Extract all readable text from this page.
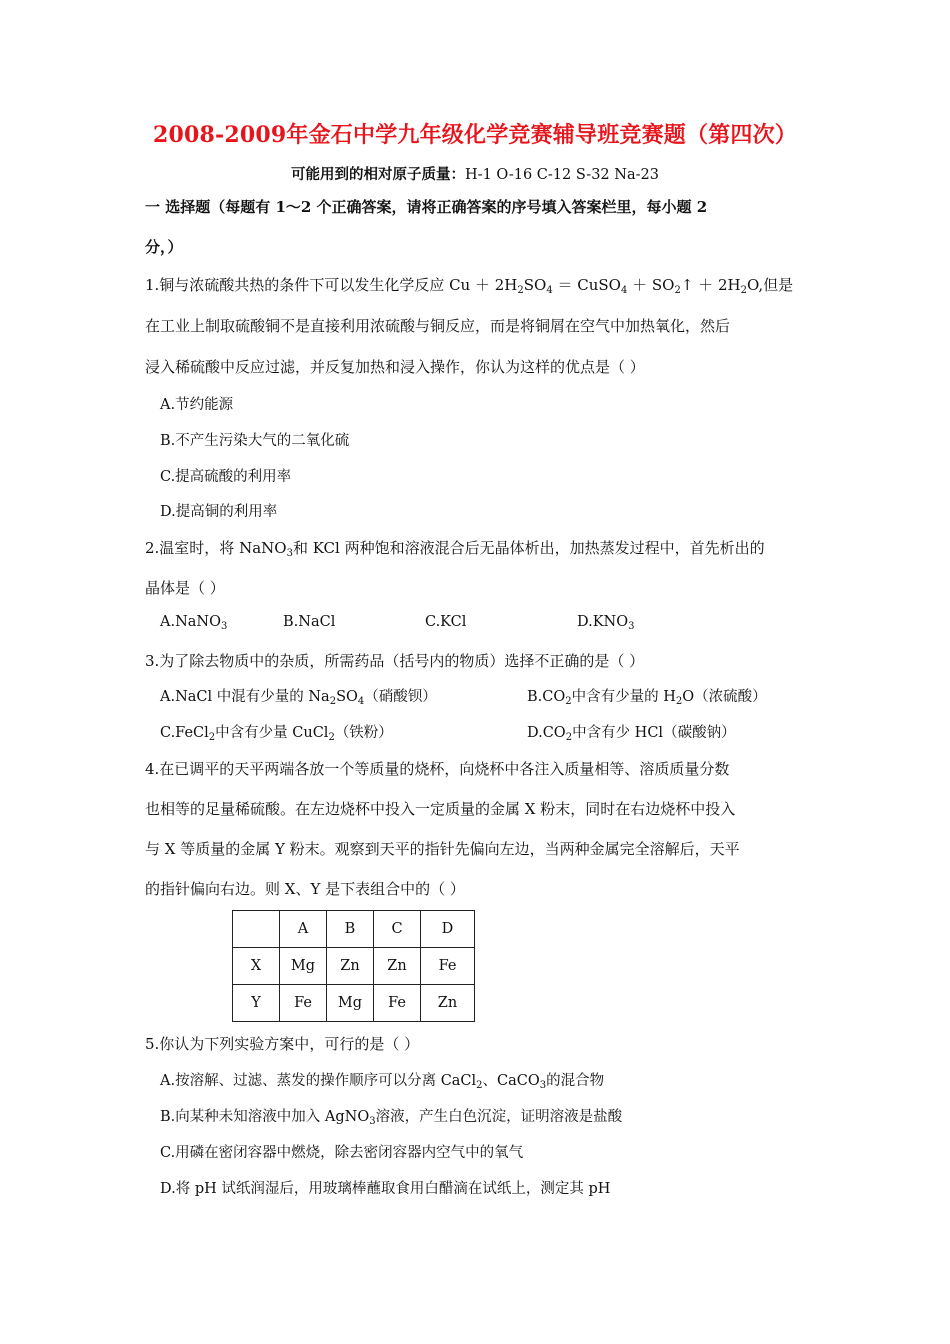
2008-2009年金石中学九年级化学竞赛辅导班竞赛题（第四次）
可能用到的相对原子质量：H-1 O-16 C-12 S-32 Na-23
一 选择题（每题有 1～2 个正确答案，请将正确答案的序号填入答案栏里，每小题 2
分，）
1.铜与浓硫酸共热的条件下可以发生化学反应 $Cu + 2H_2SO_4$ ＝ CuSO$_4$ ＋ $SO_2↑ + 2H_2O$,但是
在工业上制取硫酸铜不是直接利用浓硫酸与铜反应，而是将铜屑在空气中加热氧化，然后
浸入稀硫酸中反应过滤，并反复加热和浸入操作，你认为这样的优点是（ ）
A.节约能源
B.不产生污染大气的二氧化硫
C.提高硫酸的利用率
D.提高铜的利用率
2.温室时，将 NaNO$_3$和 KCl 两种饱和溶液混合后无晶体析出，加热蒸发过程中，首先析出的
晶体是（ ）
A.NaNO$_3$	B.NaCl	C.KCl	$D.KNO_3$
3.为了除去物质中的杂质，所需药品（括号内的物质）选择不正确的是（ ）
A.NaCl 中混有少量的 $Na_2SO_4$（硝酸钡）	$B.CO_2$中含有少量的 $H_2O$（浓硫酸）
C.FeCl$_2$中含有少量 CuCl$_2$（铁粉）	$D.CO_2$中含有少 HCl（碳酸钠）
4.在已调平的天平两端各放一个等质量的烧杯，向烧杯中各注入质量相等、溶质质量分数
也相等的足量稀硫酸。在左边烧杯中投入一定质量的金属 X 粉末，同时在右边烧杯中投入
与 X 等质量的金属 Y 粉末。观察到天平的指针先偏向左边，当两种金属完全溶解后，天平
的指针偏向右边。则 X、Y 是下表组合中的（ ）
	A	B	C	D
X	Mg	Zn	Zn	Fe
Y	Fe	Mg	Fe	Zn
5.你认为下列实验方案中，可行的是（ ）
A.按溶解、过滤、蒸发的操作顺序可以分离 CaCl$_2$、CaCO$_3$的混合物
B.向某种未知溶液中加入 AgNO$_3$溶液，产生白色沉淀，证明溶液是盐酸
C.用磷在密闭容器中燃烧，除去密闭容器内空气中的氧气
D.将 pH 试纸润湿后，用玻璃棒蘸取食用白醋滴在试纸上，测定其 pH
